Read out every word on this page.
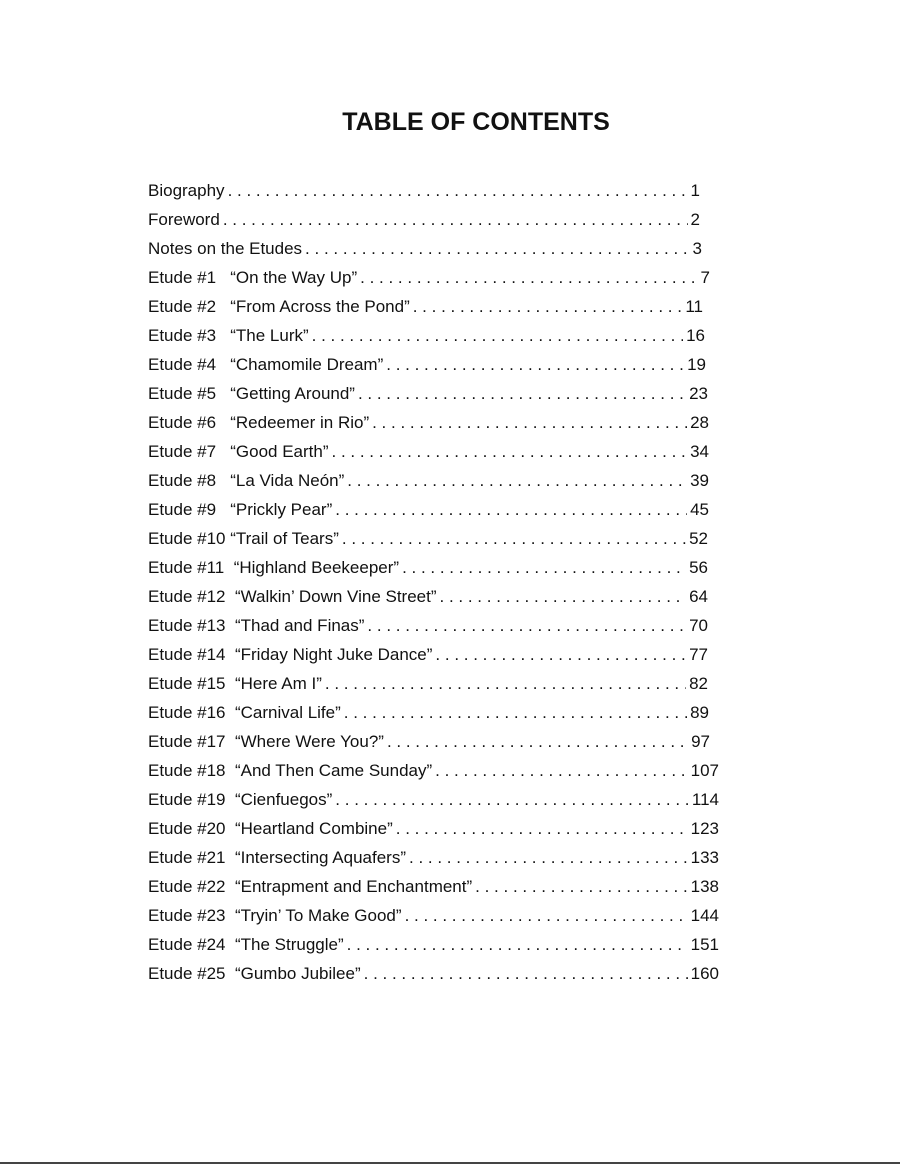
TABLE OF CONTENTS
Biography . . .	1
Foreword . . .	2
Notes on the Etudes . . .	3
Etude #1   “On the Way Up” . . .	7
Etude #2   “From Across the Pond” . . .	11
Etude #3   “The Lurk” . . .	16
Etude #4   “Chamomile Dream” . . .	19
Etude #5   “Getting Around” . . .	23
Etude #6   “Redeemer in Rio” . . .	28
Etude #7   “Good Earth” . . .	34
Etude #8   “La Vida Neón” . . .	39
Etude #9   “Prickly Pear” . . .	45
Etude #10 “Trail of Tears” . . .	52
Etude #11  “Highland Beekeeper” . . .	56
Etude #12  “Walkin’ Down Vine Street” . . .	64
Etude #13  “Thad and Finas” . . .	70
Etude #14  “Friday Night Juke Dance” . . .	77
Etude #15  “Here Am I” . . .	82
Etude #16  “Carnival Life” . . .	89
Etude #17  “Where Were You?” . . .	97
Etude #18  “And Then Came Sunday” . . .	107
Etude #19  “Cienfuegos” . . .	114
Etude #20  “Heartland Combine” . . .	123
Etude #21  “Intersecting Aquafers” . . .	133
Etude #22  “Entrapment and Enchantment” . . .	138
Etude #23  “Tryin’ To Make Good” . . .	144
Etude #24  “The Struggle” . . .	151
Etude #25  “Gumbo Jubilee” . . .	160
